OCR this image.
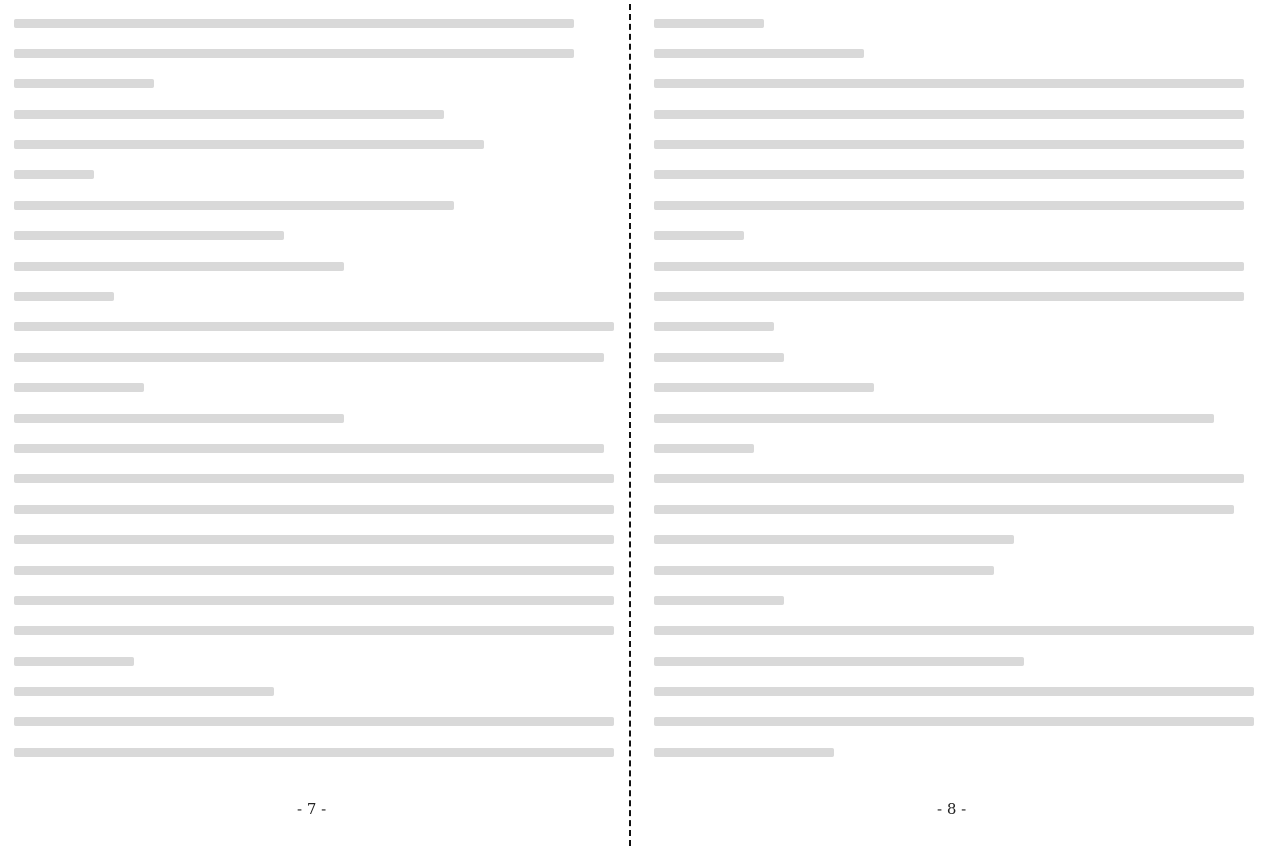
- 7 -	- 8 -
